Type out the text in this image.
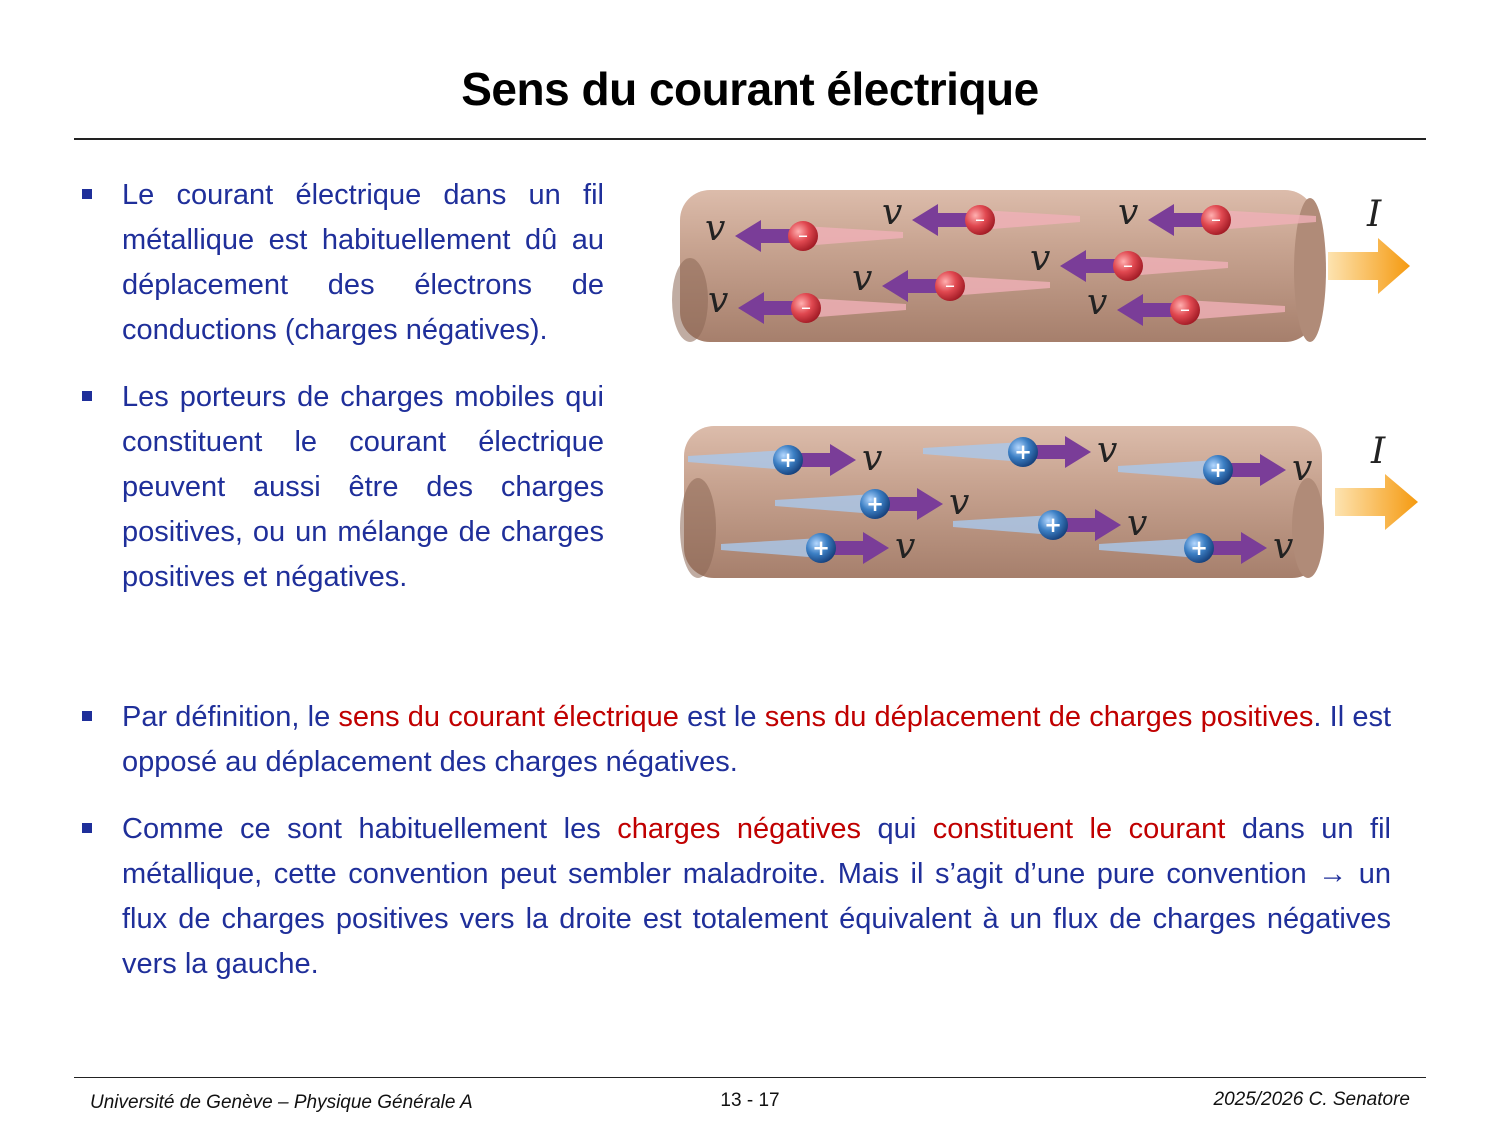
Sens du courant électrique
Le courant électrique dans un fil métallique est habituellement dû au déplacement des électrons de conductions (charges négatives).
Les porteurs de charges mobiles qui constituent le courant électrique peuvent aussi être des charges positives, ou un mélange de charges positives et négatives.
–
v	–
v
–
v
–
v
–
v
–
v	–
v
I
+ v	+ v	+ v
+ v
+ v
+ v	+ v
I
Par définition, le sens du courant électrique est le sens du déplacement de charges positives. Il est opposé au déplacement des charges négatives.
Comme ce sont habituellement les charges négatives qui constituent le courant dans un fil métallique, cette convention peut sembler maladroite. Mais il s’agit d’une pure convention → un flux de charges positives vers la droite est totalement équivalent à un flux de charges négatives vers la gauche.
Université de Genève – Physique Générale A	13 - 17	2025/2026 C. Senatore
